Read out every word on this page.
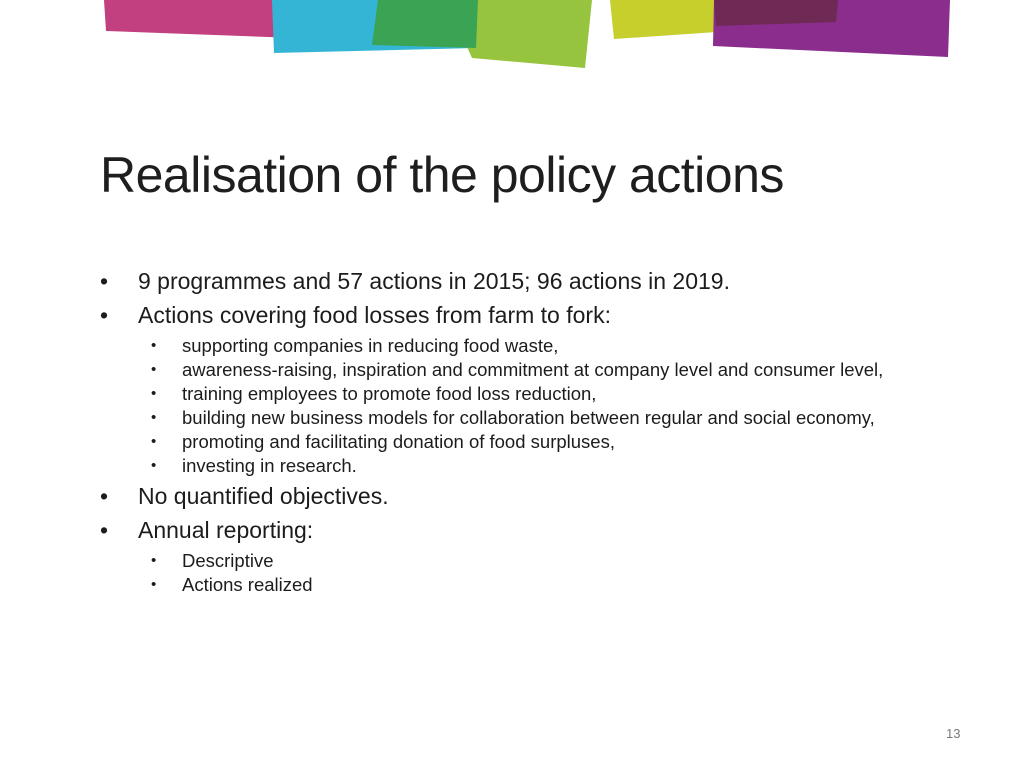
Realisation of the policy actions
• 9 programmes and 57 actions in 2015; 96 actions in 2019.
• Actions covering food losses from farm to fork:
• supporting companies in reducing food waste,
• awareness-raising, inspiration and commitment at company level and consumer level,
• training employees to promote food loss reduction,
• building new business models for collaboration between regular and social economy,
• promoting and facilitating donation of food surpluses,
• investing in research.
• No quantified objectives.
• Annual reporting:
• Descriptive
• Actions realized
13
